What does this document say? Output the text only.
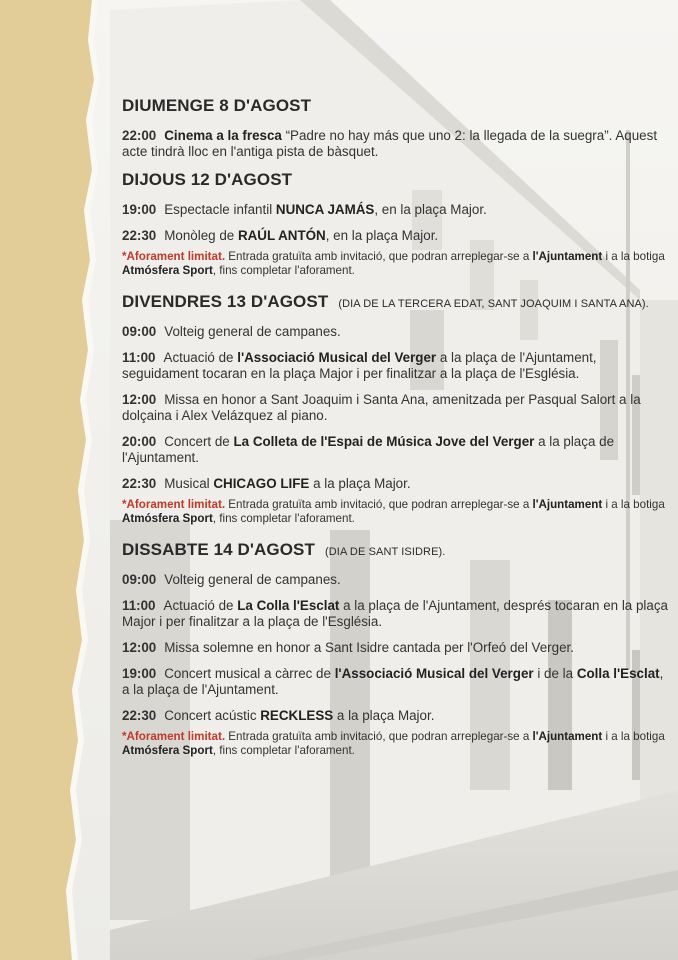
DIUMENGE 8 D'AGOST
22:00 Cinema a la fresca “Padre no hay más que uno 2: la llegada de la suegra”. Aquest acte tindrà lloc en l'antiga pista de bàsquet.
DIJOUS 12 D'AGOST
19:00 Espectacle infantil NUNCA JAMÁS, en la plaça Major.
22:30 Monòleg de RAÚL ANTÓN, en la plaça Major.
*Aforament limitat. Entrada gratuïta amb invitació, que podran arreplegar-se a l'Ajuntament i a la botiga Atmósfera Sport, fins completar l'aforament.
DIVENDRES 13 D'AGOST (DIA DE LA TERCERA EDAT, SANT JOAQUIM I SANTA ANA).
09:00 Volteig general de campanes.
11:00 Actuació de l'Associació Musical del Verger a la plaça de l'Ajuntament, seguidament tocaran en la plaça Major i per finalitzar a la plaça de l'Església.
12:00 Missa en honor a Sant Joaquim i Santa Ana, amenitzada per Pasqual Salort a la dolçaina i Alex Velázquez al piano.
20:00 Concert de La Colleta de l'Espai de Música Jove del Verger a la plaça de l'Ajuntament.
22:30 Musical CHICAGO LIFE a la plaça Major.
*Aforament limitat. Entrada gratuïta amb invitació, que podran arreplegar-se a l'Ajuntament i a la botiga Atmósfera Sport, fins completar l'aforament.
DISSABTE 14 D'AGOST (DIA DE SANT ISIDRE).
09:00 Volteig general de campanes.
11:00 Actuació de La Colla l'Esclat a la plaça de l'Ajuntament, després tocaran en la plaça Major i per finalitzar a la plaça de l'Església.
12:00 Missa solemne en honor a Sant Isidre cantada per l'Orfeó del Verger.
19:00 Concert musical a càrrec de l'Associació Musical del Verger i de la Colla l'Esclat, a la plaça de l'Ajuntament.
22:30 Concert acústic RECKLESS a la plaça Major.
*Aforament limitat. Entrada gratuïta amb invitació, que podran arreplegar-se a l'Ajuntament i a la botiga Atmósfera Sport, fins completar l'aforament.
